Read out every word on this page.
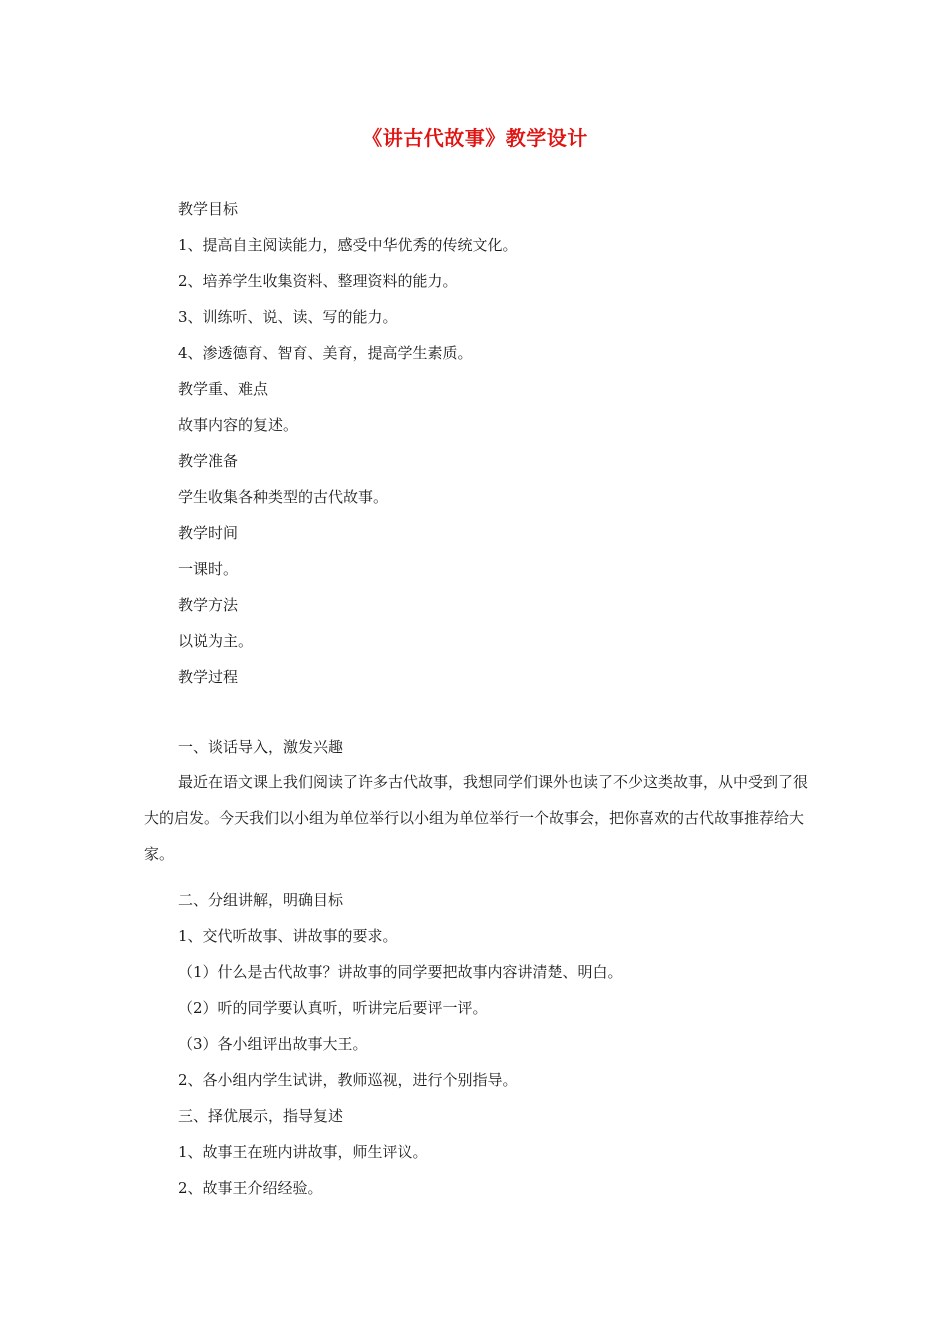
《讲古代故事》教学设计
教学目标
1、提高自主阅读能力，感受中华优秀的传统文化。
2、培养学生收集资料、整理资料的能力。
3、训练听、说、读、写的能力。
4、渗透德育、智育、美育，提高学生素质。
教学重、难点
故事内容的复述。
教学准备
学生收集各种类型的古代故事。
教学时间
一课时。
教学方法
以说为主。
教学过程
一、谈话导入，激发兴趣
最近在语文课上我们阅读了许多古代故事，我想同学们课外也读了不少这类故事，从中受到了很大的启发。今天我们以小组为单位举行以小组为单位举行一个故事会，把你喜欢的古代故事推荐给大家。
二、分组讲解，明确目标
1、交代听故事、讲故事的要求。
（1）什么是古代故事？讲故事的同学要把故事内容讲清楚、明白。
（2）听的同学要认真听，听讲完后要评一评。
（3）各小组评出故事大王。
2、各小组内学生试讲，教师巡视，进行个别指导。
三、择优展示，指导复述
1、故事王在班内讲故事，师生评议。
2、故事王介绍经验。
